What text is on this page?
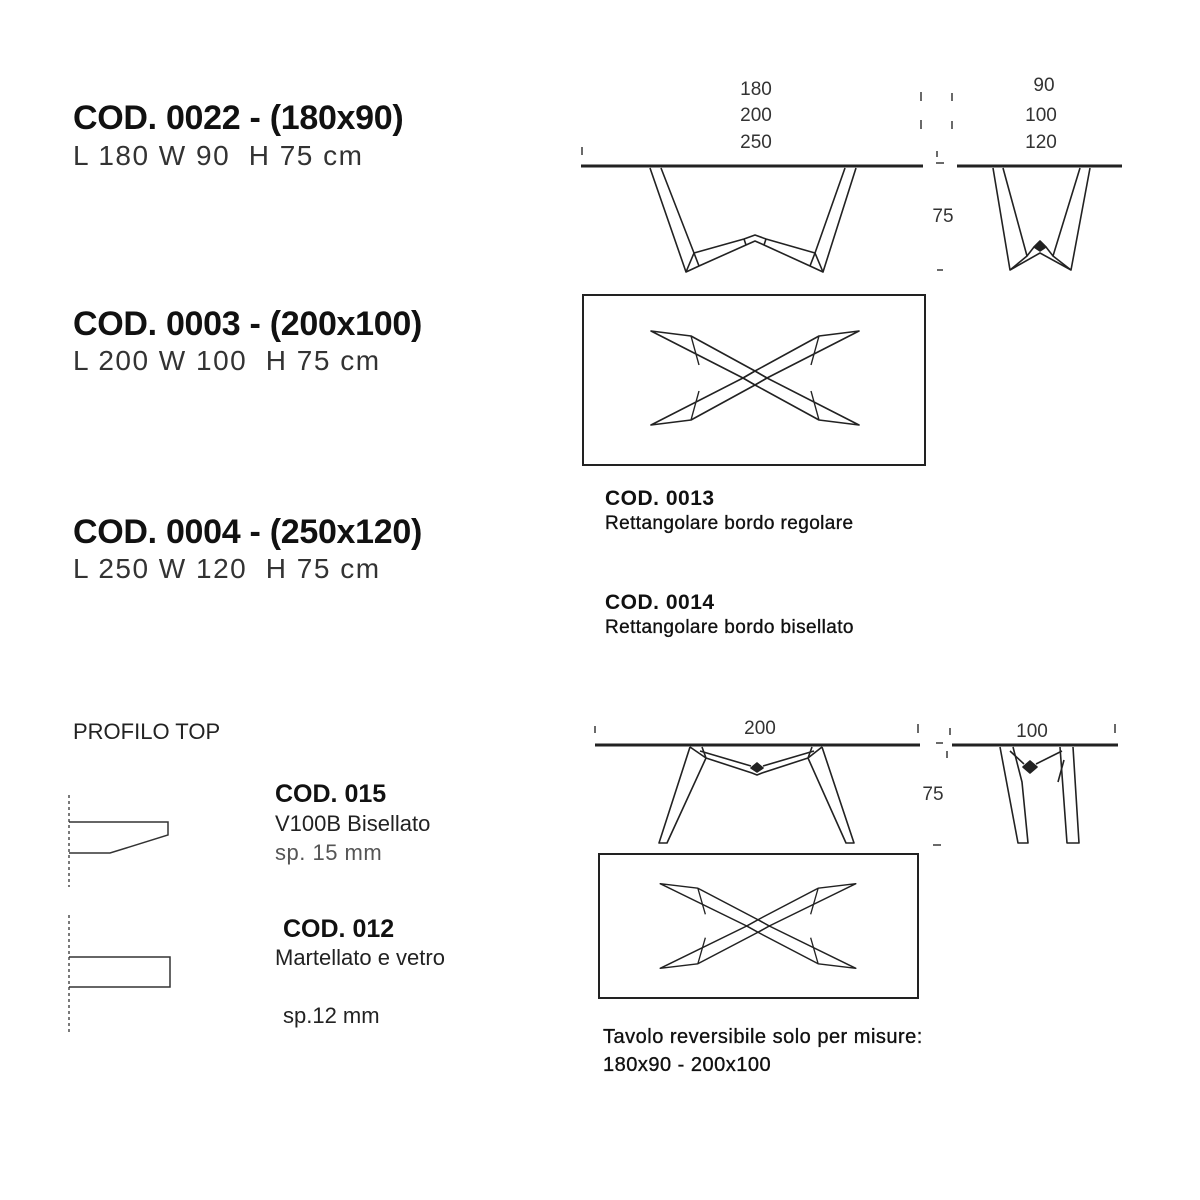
180
200
250
90
100
120
75
200	100
75
COD. 0022 - (180x90)
L 180 W 90  H 75 cm
COD. 0003 - (200x100)
L 200 W 100  H 75 cm
COD. 0004 - (250x120)
L 250 W 120  H 75 cm
PROFILO TOP
COD. 015
V100B Bisellato
sp. 15 mm
COD. 012
Martellato e vetro
sp.12 mm
COD. 0013
Rettangolare bordo regolare
COD. 0014
Rettangolare bordo bisellato
Tavolo reversibile solo per misure:
180x90 - 200x100
